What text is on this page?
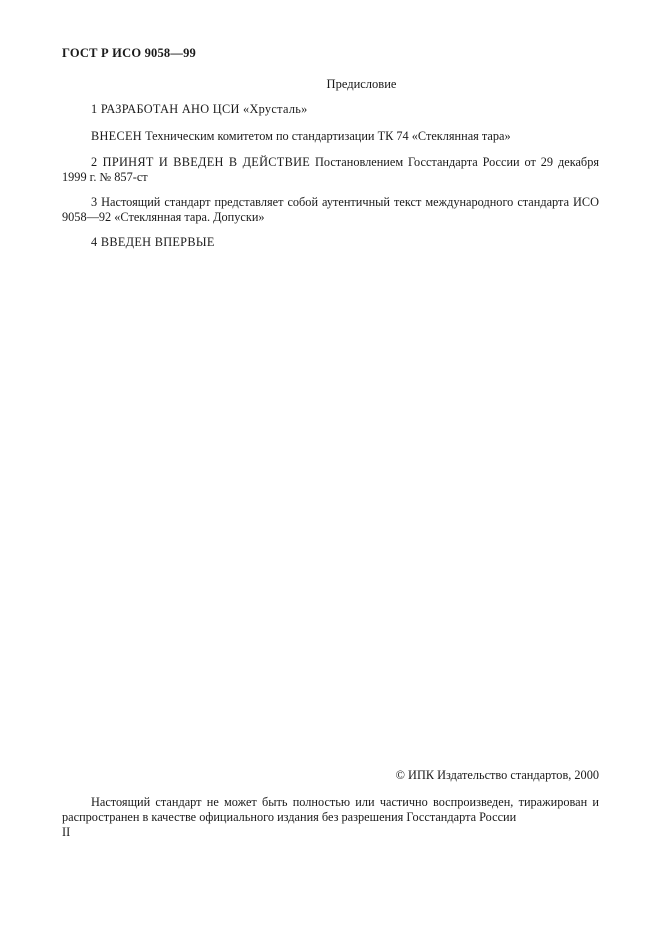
ГОСТ Р ИСО 9058—99
Предисловие
1 РАЗРАБОТАН АНО ЦСИ «Хрусталь»
ВНЕСЕН Техническим комитетом по стандартизации ТК 74 «Стеклянная тара»
2 ПРИНЯТ И ВВЕДЕН В ДЕЙСТВИЕ Постановлением Госстандарта России от 29 декабря 1999 г. № 857-ст
3 Настоящий стандарт представляет собой аутентичный текст международного стандарта ИСО 9058—92 «Стеклянная тара. Допуски»
4 ВВЕДЕН ВПЕРВЫЕ
© ИПК Издательство стандартов, 2000
Настоящий стандарт не может быть полностью или частично воспроизведен, тиражирован и распространен в качестве официального издания без разрешения Госстандарта России
II
